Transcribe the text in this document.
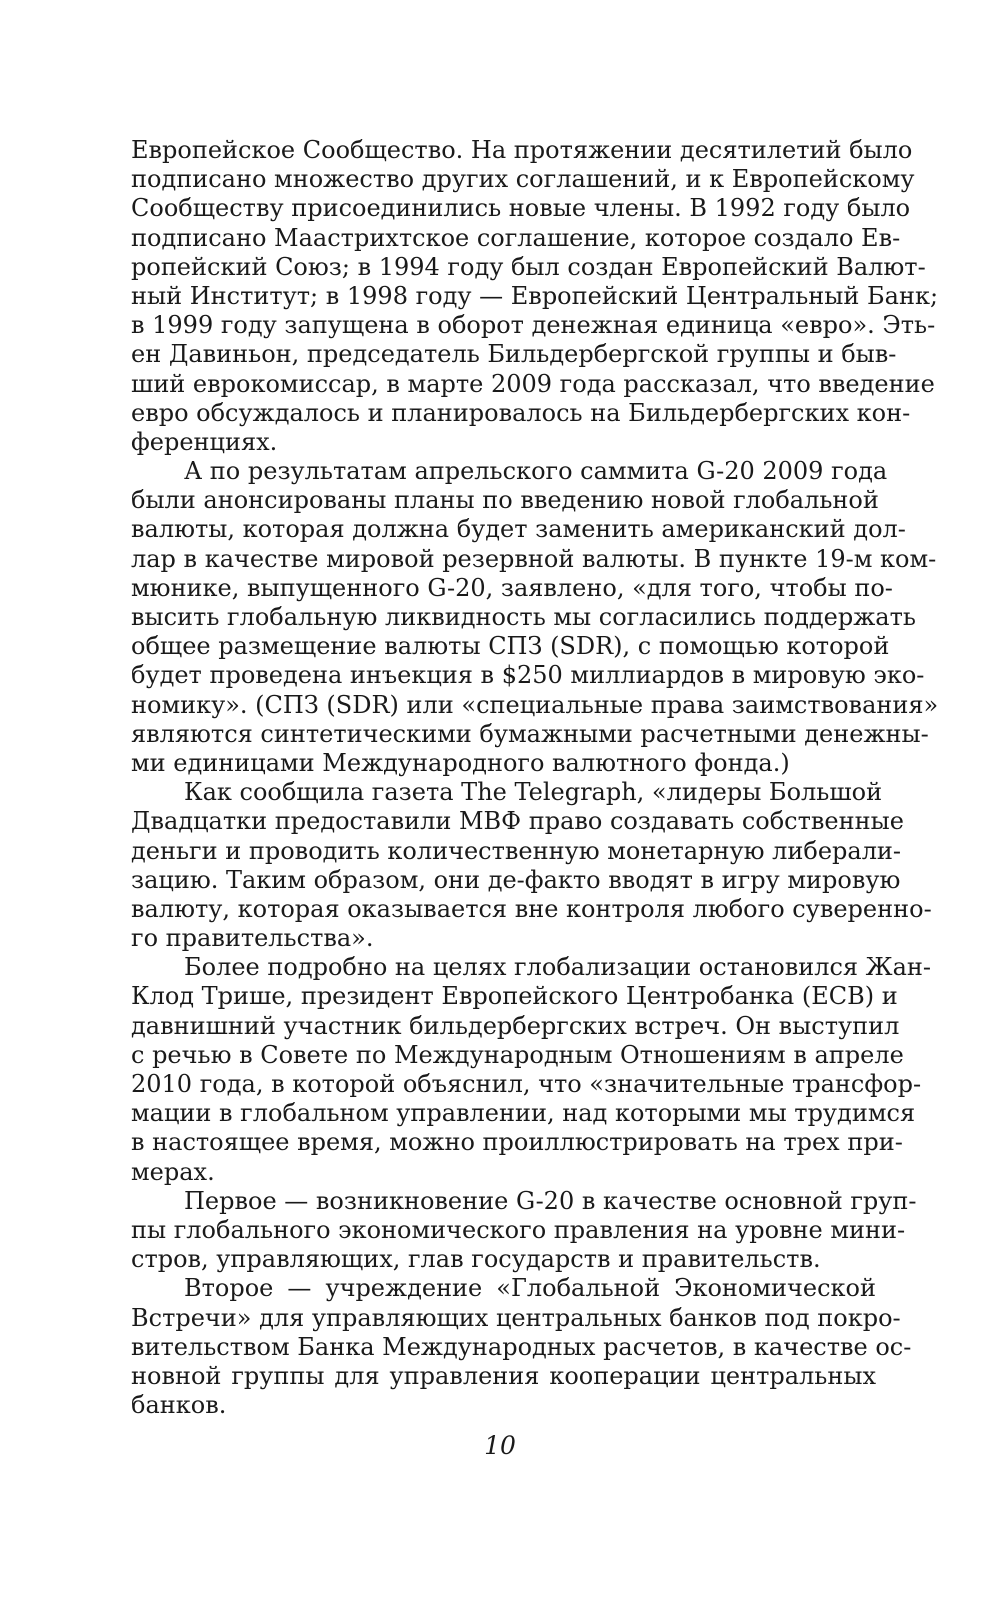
Европейское Сообщество. На протяжении десятилетий было
подписано множество других соглашений, и к Европейскому
Сообществу присоединились новые члены. В 1992 году было
подписано Маастрихтское соглашение, которое создало Ев-
ропейский Союз; в 1994 году был создан Европейский Валют-
ный Институт; в 1998 году — Европейский Центральный Банк;
в 1999 году запущена в оборот денежная единица «евро». Эть-
ен Давиньон, председатель Бильдербергской группы и быв-
ший еврокомиссар, в марте 2009 года рассказал, что введение
евро обсуждалось и планировалось на Бильдербергских кон-
ференциях.
А по результатам апрельского саммита G-20 2009 года
были анонсированы планы по введению новой глобальной
валюты, которая должна будет заменить американский дол-
лар в качестве мировой резервной валюты. В пункте 19-м ком-
мюнике, выпущенного G-20, заявлено, «для того, чтобы по-
высить глобальную ликвидность мы согласились поддержать
общее размещение валюты СПЗ (SDR), с помощью которой
будет проведена инъекция в $250 миллиардов в мировую эко-
номику». (СПЗ (SDR) или «специальные права заимствования»
являются синтетическими бумажными расчетными денежны-
ми единицами Международного валютного фонда.)
Как сообщила газета The Telegraph, «лидеры Большой
Двадцатки предоставили МВФ право создавать собственные
деньги и проводить количественную монетарную либерали-
зацию. Таким образом, они де-факто вводят в игру мировую
валюту, которая оказывается вне контроля любого суверенно-
го правительства».
Более подробно на целях глобализации остановился Жан-
Клод Трише, президент Европейского Центробанка (ECB) и
давнишний участник бильдербергских встреч. Он выступил
с речью в Совете по Международным Отношениям в апреле
2010 года, в которой объяснил, что «значительные трансфор-
мации в глобальном управлении, над которыми мы трудимся
в настоящее время, можно проиллюстрировать на трех при-
мерах.
Первое — возникновение G-20 в качестве основной груп-
пы глобального экономического правления на уровне мини-
стров, управляющих, глав государств и правительств.
Второе — учреждение «Глобальной Экономической
Встречи» для управляющих центральных банков под покро-
вительством Банка Международных расчетов, в качестве ос-
новной группы для управления кооперации центральных
банков.
10
